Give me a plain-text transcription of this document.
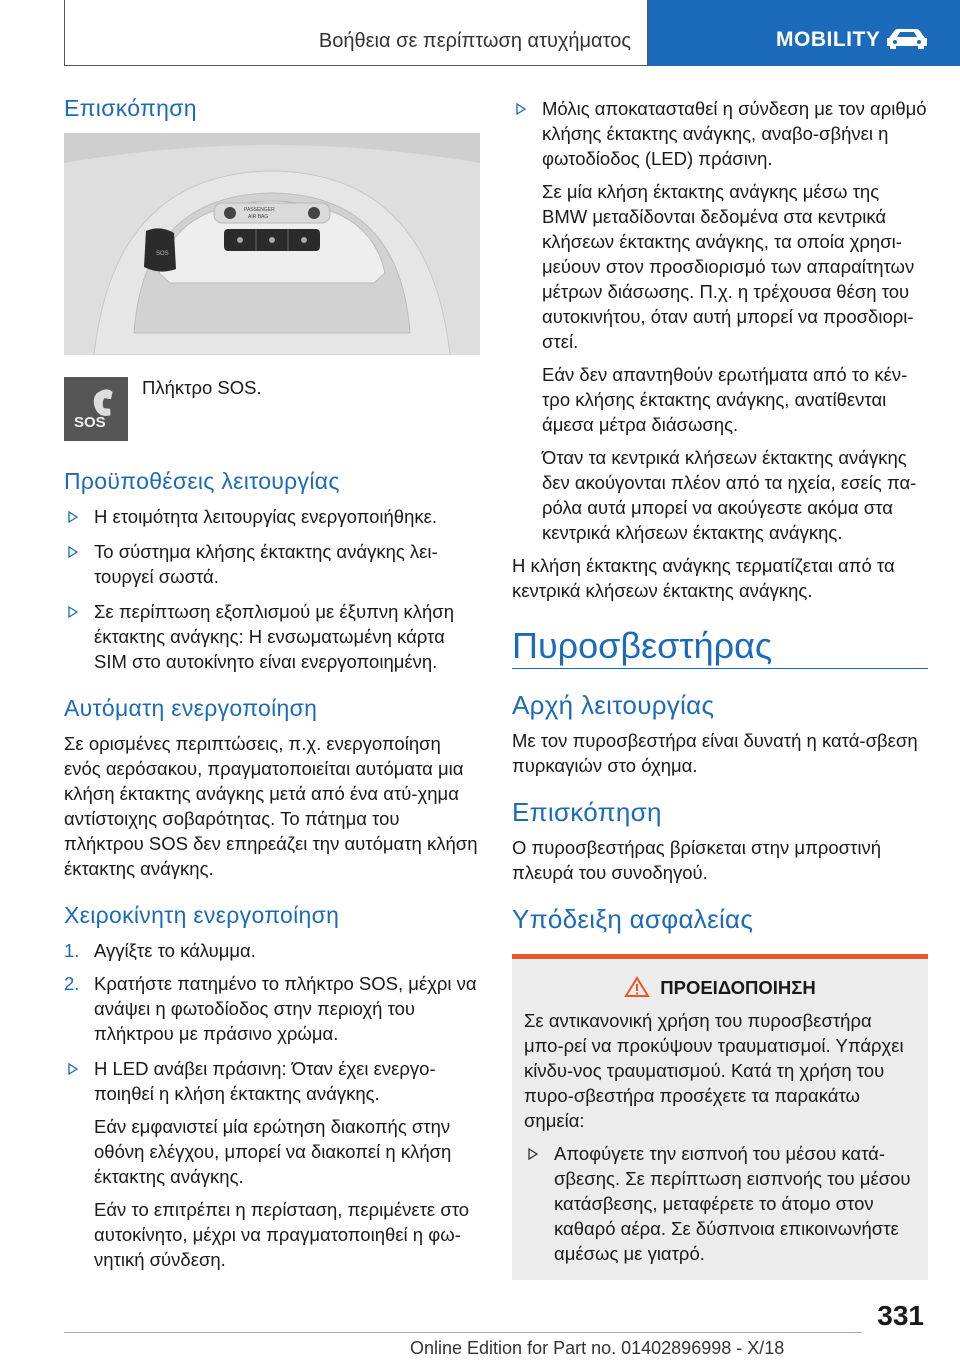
Βοήθεια σε περίπτωση ατυχήματος	MOBILITY
Επισκόπηση
PASSENGER
AIR BAG
SOS
SOS

Πλήκτρο SOS.

Προϋποθέσεις λειτουργίας

Η ετοιμότητα λειτουργίας ενεργοποιήθηκε.

Το σύστημα κλήσης έκτακτης ανάγκης λει-τουργεί σωστά.

Σε περίπτωση εξοπλισμού με έξυπνη κλήση έκτακτης ανάγκης: Η ενσωματωμένη κάρτα SIM στο αυτοκίνητο είναι ενεργοποιημένη.

Αυτόματη ενεργοποίηση

Σε ορισμένες περιπτώσεις, π.χ. ενεργοποίηση ενός αερόσακου, πραγματοποιείται αυτόματα μια κλήση έκτακτης ανάγκης μετά από ένα ατύ-χημα αντίστοιχης σοβαρότητας. Το πάτημα του πλήκτρου SOS δεν επηρεάζει την αυτόματη κλήση έκτακτης ανάγκης.

Χειροκίνητη ενεργοποίηση
1. Αγγίξτε το κάλυμμα.

2. Κρατήστε πατημένο το πλήκτρο SOS, μέχρι να ανάψει η φωτοδίοδος στην περιοχή του πλήκτρου με πράσινο χρώμα.

Η LED ανάβει πράσινη: Όταν έχει ενεργο-ποιηθεί η κλήση έκτακτης ανάγκης.

Εάν εμφανιστεί μία ερώτηση διακοπής στην οθόνη ελέγχου, μπορεί να διακοπεί η κλήση έκτακτης ανάγκης.

Εάν το επιτρέπει η περίσταση, περιμένετε στο αυτοκίνητο, μέχρι να πραγματοποιηθεί η φω-νητική σύνδεση.

Μόλις αποκατασταθεί η σύνδεση με τον αριθμό κλήσης έκτακτης ανάγκης, αναβο-σβήνει η φωτοδίοδος (LED) πράσινη.

Σε μία κλήση έκτακτης ανάγκης μέσω της BMW μεταδίδονται δεδομένα στα κεντρικά κλήσεων έκτακτης ανάγκης, τα οποία χρησι-μεύουν στον προσδιορισμό των απαραίτητων μέτρων διάσωσης. Π.χ. η τρέχουσα θέση του αυτοκινήτου, όταν αυτή μπορεί να προσδιορι-στεί.

Εάν δεν απαντηθούν ερωτήματα από το κέν-τρο κλήσης έκτακτης ανάγκης, ανατίθενται άμεσα μέτρα διάσωσης.

Όταν τα κεντρικά κλήσεων έκτακτης ανάγκης δεν ακούγονται πλέον από τα ηχεία, εσείς πα-ρόλα αυτά μπορεί να ακούγεστε ακόμα στα κεντρικά κλήσεων έκτακτης ανάγκης.

Η κλήση έκτακτης ανάγκης τερματίζεται από τα κεντρικά κλήσεων έκτακτης ανάγκης.

Πυροσβεστήρας
Αρχή λειτουργίας

Με τον πυροσβεστήρα είναι δυνατή η κατά-σβεση πυρκαγιών στο όχημα.

Επισκόπηση

Ο πυροσβεστήρας βρίσκεται στην μπροστινή πλευρά του συνοδηγού.

Υπόδειξη ασφαλείας
ΠΡΟΕΙΔΟΠΟΙΗΣΗ

Σε αντικανονική χρήση του πυροσβεστήρα μπο-ρεί να προκύψουν τραυματισμοί. Υπάρχει κίνδυ-νος τραυματισμού. Κατά τη χρήση του πυρο-σβεστήρα προσέχετε τα παρακάτω σημεία:

Αποφύγετε την εισπνοή του μέσου κατά-σβεσης. Σε περίπτωση εισπνοής του μέσου κατάσβεσης, μεταφέρετε το άτομο στον καθαρό αέρα. Σε δύσπνοια επικοινωνήστε αμέσως με γιατρό.

331
Online Edition for Part no. 01402896998 - X/18
